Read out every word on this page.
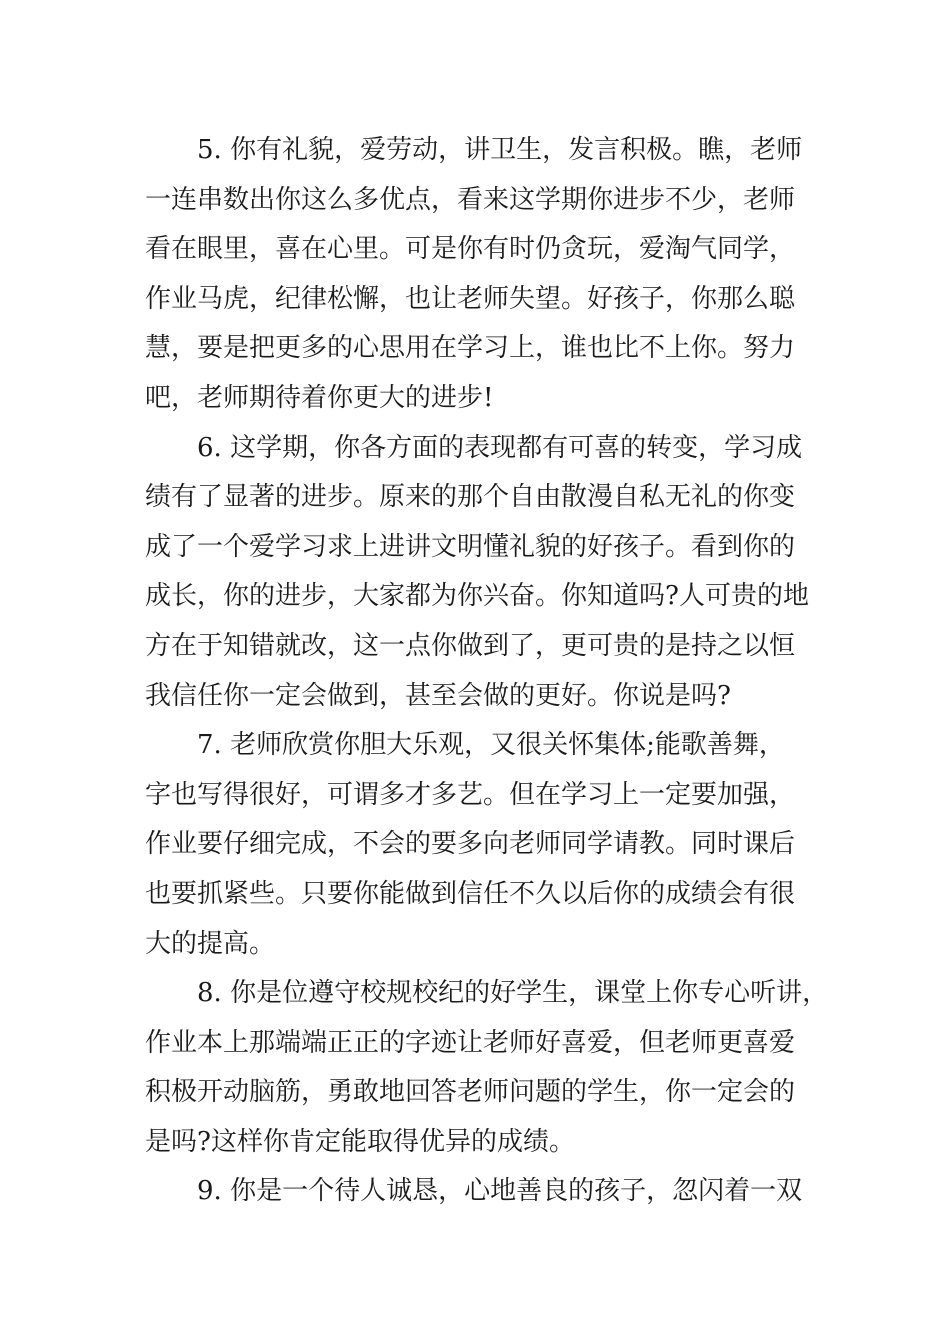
5. 你有礼貌，爱劳动，讲卫生，发言积极。瞧，老师
一连串数出你这么多优点，看来这学期你进步不少，老师
看在眼里，喜在心里。可是你有时仍贪玩，爱淘气同学，
作业马虎，纪律松懈，也让老师失望。好孩子，你那么聪
慧，要是把更多的心思用在学习上，谁也比不上你。努力
吧，老师期待着你更大的进步!
6. 这学期，你各方面的表现都有可喜的转变，学习成
绩有了显著的进步。原来的那个自由散漫自私无礼的你变
成了一个爱学习求上进讲文明懂礼貌的好孩子。看到你的
成长，你的进步，大家都为你兴奋。你知道吗?人可贵的地
方在于知错就改，这一点你做到了，更可贵的是持之以恒
我信任你一定会做到，甚至会做的更好。你说是吗?
7. 老师欣赏你胆大乐观，又很关怀集体;能歌善舞，
字也写得很好，可谓多才多艺。但在学习上一定要加强，
作业要仔细完成，不会的要多向老师同学请教。同时课后
也要抓紧些。只要你能做到信任不久以后你的成绩会有很
大的提高。
8. 你是位遵守校规校纪的好学生，课堂上你专心听讲，
作业本上那端端正正的字迹让老师好喜爱，但老师更喜爱
积极开动脑筋，勇敢地回答老师问题的学生，你一定会的
是吗?这样你肯定能取得优异的成绩。
9. 你是一个待人诚恳，心地善良的孩子，忽闪着一双
